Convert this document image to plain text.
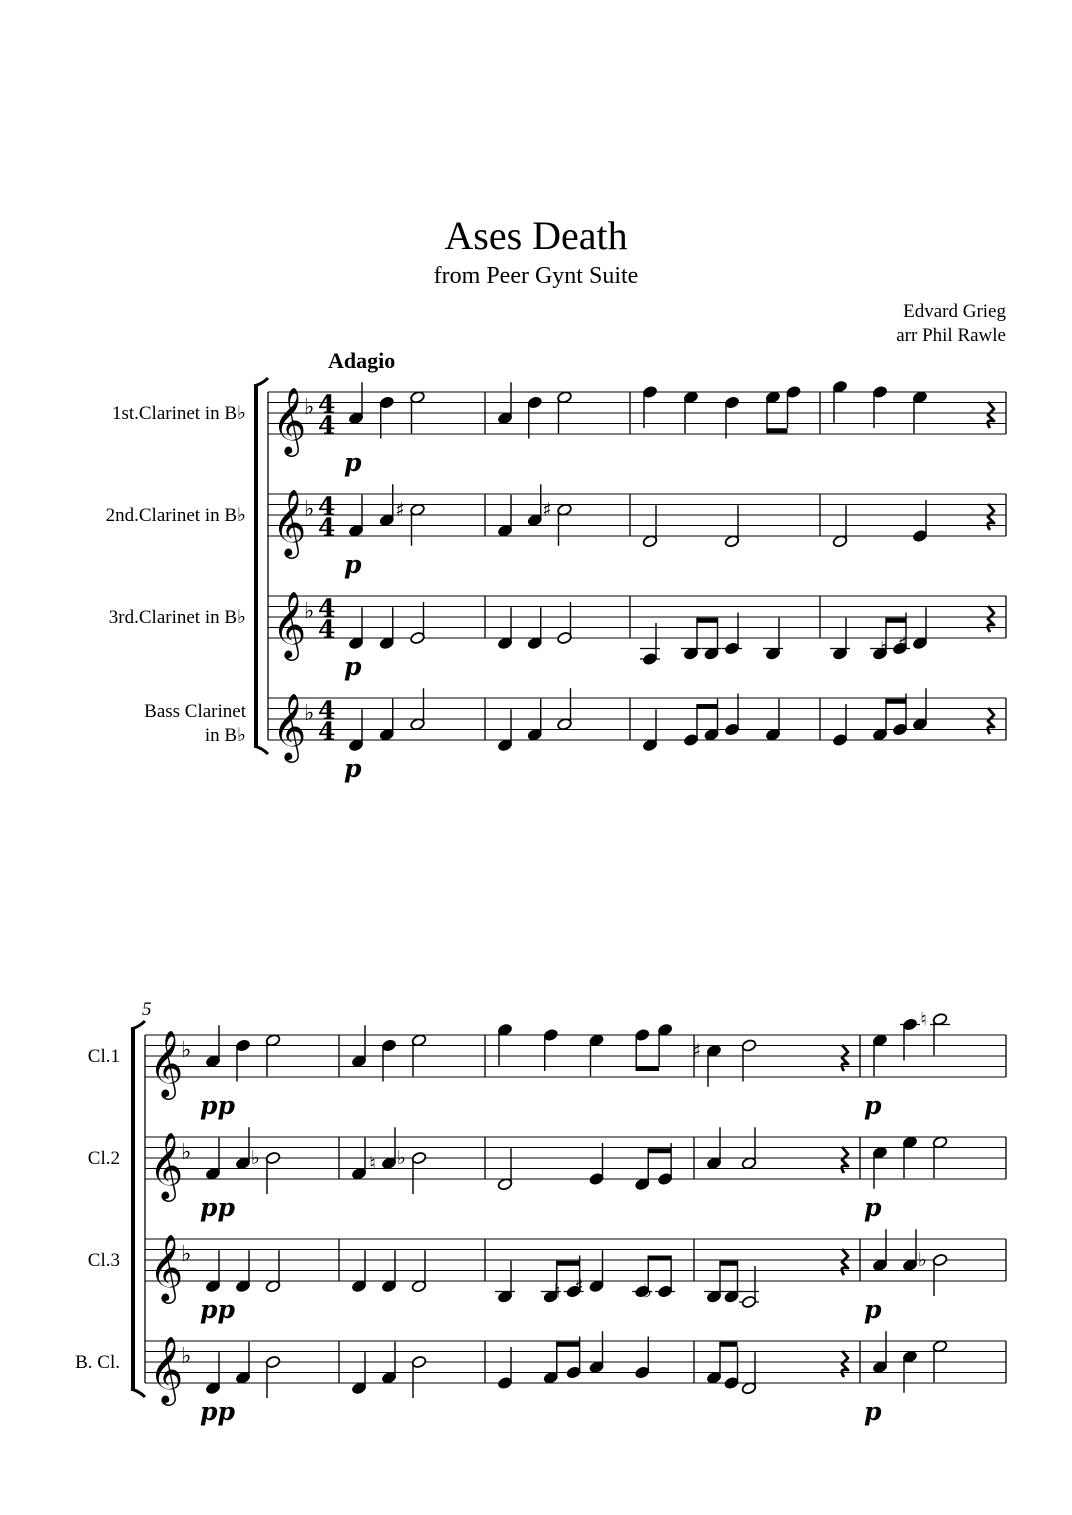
Ases Death
from Peer Gynt Suite
Edvard Grieg
arr Phil Rawle
Adagio
𝄞
♭ 4
4
𝄞
♭ 4
4
♯	♯
𝄞
♭ 4
4
♮ ♯
𝄞
♭ 4
4
𝄞
♭	♯
♮
𝄞
♭	♭	♮ ♭
𝄞
♭
♮ ♯	♭
♭
𝄞
♭
1st.Clarinet in B♭
2nd.Clarinet in B♭
3rd.Clarinet in B♭
Bass Clarinet
in B♭
p
p
p
p
Cl.1
Cl.2
Cl.3
B. Cl.
pp
pp
pp
pp
p
p
p
p
5
